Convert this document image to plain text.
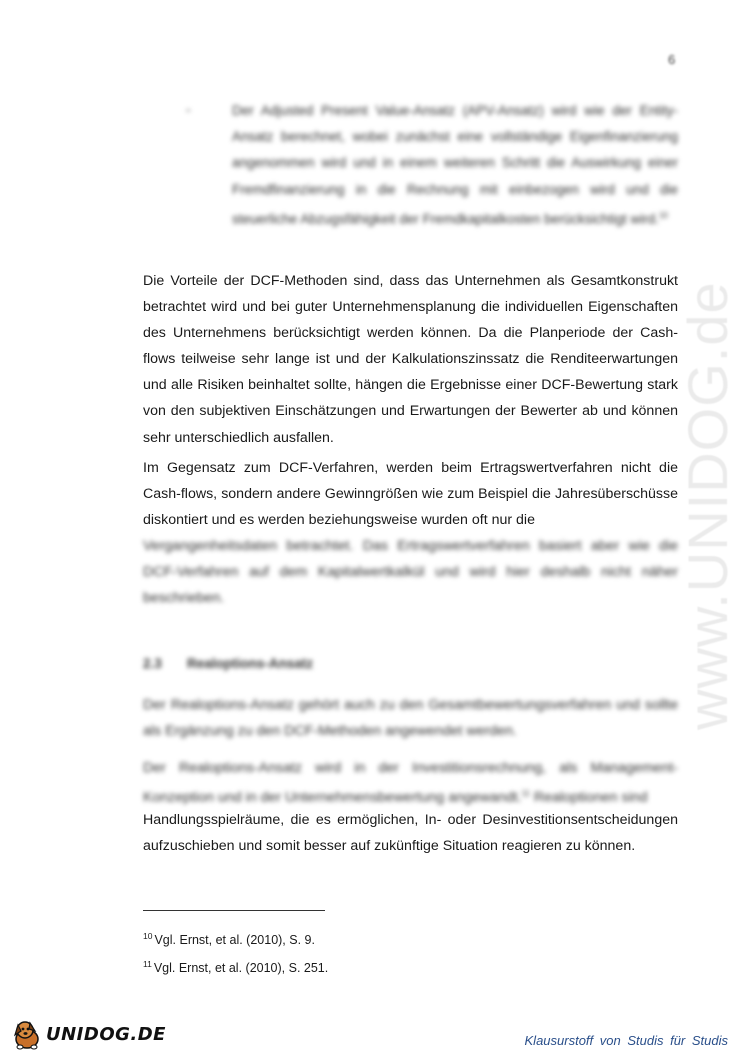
6
-	Der Adjusted Present Value-Ansatz (APV-Ansatz) wird wie der Entity-Ansatz berechnet, wobei zunächst eine vollständige Eigenfinanzierung angenommen wird und in einem weiteren Schritt die Auswirkung einer Fremdfinanzierung in die Rechnung mit einbezogen wird und die steuerliche Abzugsfähigkeit der Fremdkapitalkosten berücksichtigt wird.$^{10}$

Die Vorteile der DCF-Methoden sind, dass das Unternehmen als Gesamtkonstrukt betrachtet wird und bei guter Unternehmensplanung die individuellen Eigenschaften des Unternehmens berücksichtigt werden können. Da die Planperiode der Cash-flows teilweise sehr lange ist und der Kalkulationszinssatz die Renditeerwartungen und alle Risiken beinhaltet sollte, hängen die Ergebnisse einer DCF-Bewertung stark von den subjektiven Einschätzungen und Erwartungen der Bewerter ab und können sehr unterschiedlich ausfallen.

Im Gegensatz zum DCF-Verfahren, werden beim Ertragswertverfahren nicht die Cash-flows, sondern andere Gewinngrößen wie zum Beispiel die Jahresüberschüsse diskontiert und es werden beziehungsweise wurden oft nur die

Vergangenheitsdaten betrachtet. Das Ertragswertverfahren basiert aber wie die DCF-Verfahren auf dem Kapitalwertkalkül und wird hier deshalb nicht näher beschrieben.

2.3 Realoptions-Ansatz

Der Realoptions-Ansatz gehört auch zu den Gesamtbewertungsverfahren und sollte als Ergänzung zu den DCF-Methoden angewendet werden.

Der Realoptions-Ansatz wird in der Investitionsrechnung, als Management-Konzeption und in der Unternehmensbewertung angewandt.$^{11}$ Realoptionen sind

Handlungsspielräume, die es ermöglichen, In- oder Desinvestitionsentscheidungen aufzuschieben und somit besser auf zukünftige Situation reagieren zu können.

www.UNIDOG.de
$^{10}$ Vgl. Ernst, et al. (2010), S. 9.
$^{11}$ Vgl. Ernst, et al. (2010), S. 251.
UNIDOG.DE	Klausurstoff von Studis für Studis
